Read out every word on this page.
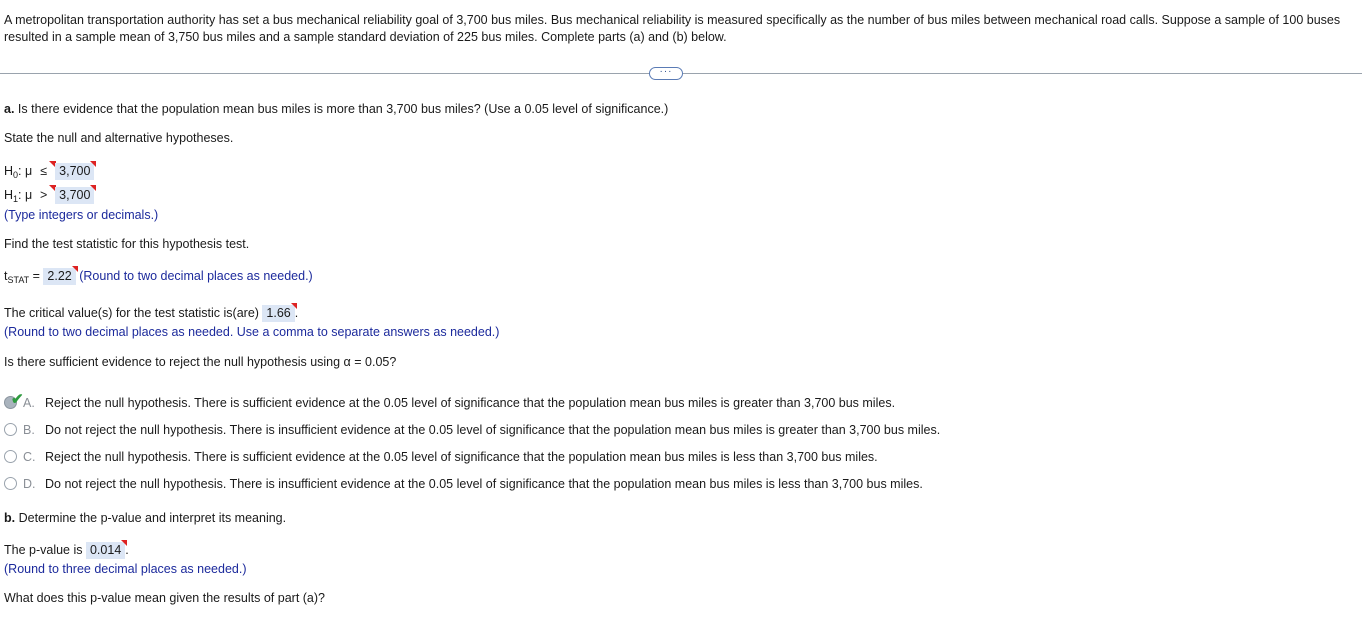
A metropolitan transportation authority has set a bus mechanical reliability goal of 3,700 bus miles. Bus mechanical reliability is measured specifically as the number of bus miles between mechanical road calls. Suppose a sample of 100 buses resulted in a sample mean of 3,750 bus miles and a sample standard deviation of 225 bus miles. Complete parts (a) and (b) below.
···
a. Is there evidence that the population mean bus miles is more than 3,700 bus miles? (Use a 0.05 level of significance.)
State the null and alternative hypotheses.
$H_0$: μ ≤ 3,700
$H_1$: μ > 3,700
(Type integers or decimals.)
Find the test statistic for this hypothesis test.
$t_{STAT} = 2.22$ (Round to two decimal places as needed.)
The critical value(s) for the test statistic is(are) 1.66 .
(Round to two decimal places as needed. Use a comma to separate answers as needed.)
Is there sufficient evidence to reject the null hypothesis using α = 0.05?
✔ A. Reject the null hypothesis. There is sufficient evidence at the 0.05 level of significance that the population mean bus miles is greater than 3,700 bus miles.
B. Do not reject the null hypothesis. There is insufficient evidence at the 0.05 level of significance that the population mean bus miles is greater than 3,700 bus miles.
C. Reject the null hypothesis. There is sufficient evidence at the 0.05 level of significance that the population mean bus miles is less than 3,700 bus miles.
D. Do not reject the null hypothesis. There is insufficient evidence at the 0.05 level of significance that the population mean bus miles is less than 3,700 bus miles.
b. Determine the p-value and interpret its meaning.
The p-value is 0.014 .
(Round to three decimal places as needed.)
What does this p-value mean given the results of part (a)?
